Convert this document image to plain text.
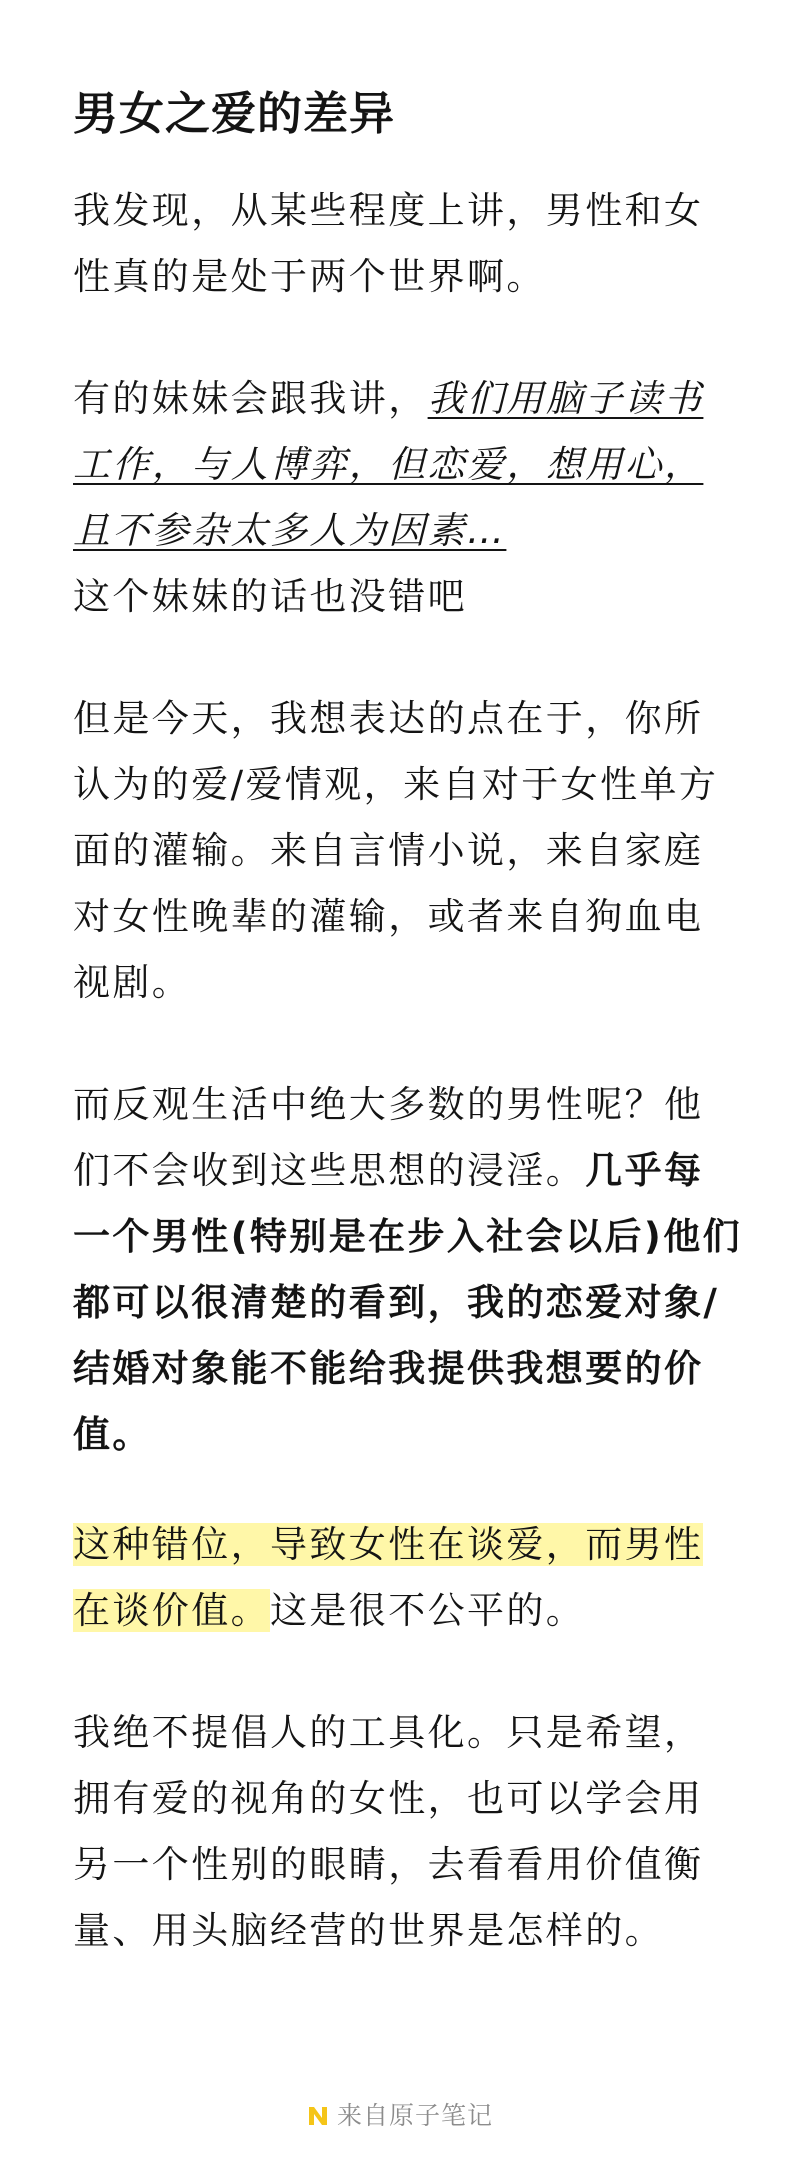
男女之爱的差异
我发现，从某些程度上讲，男性和女
性真的是处于两个世界啊。
有的妹妹会跟我讲，我们用脑子读书
工作，与人博弈，但恋爱，想用心，
且不参杂太多人为因素…
这个妹妹的话也没错吧
但是今天，我想表达的点在于，你所
认为的爱/爱情观，来自对于女性单方
面的灌输。来自言情小说，来自家庭
对女性晚辈的灌输，或者来自狗血电
视剧。
而反观生活中绝大多数的男性呢？他
们不会收到这些思想的浸淫。几乎每
一个男性(特别是在步入社会以后)他们
都可以很清楚的看到，我的恋爱对象/
结婚对象能不能给我提供我想要的价
值。
这种错位，导致女性在谈爱，而男性
在谈价值。这是很不公平的。
我绝不提倡人的工具化。只是希望，
拥有爱的视角的女性，也可以学会用
另一个性别的眼睛，去看看用价值衡
量、用头脑经营的世界是怎样的。
来自原子笔记
